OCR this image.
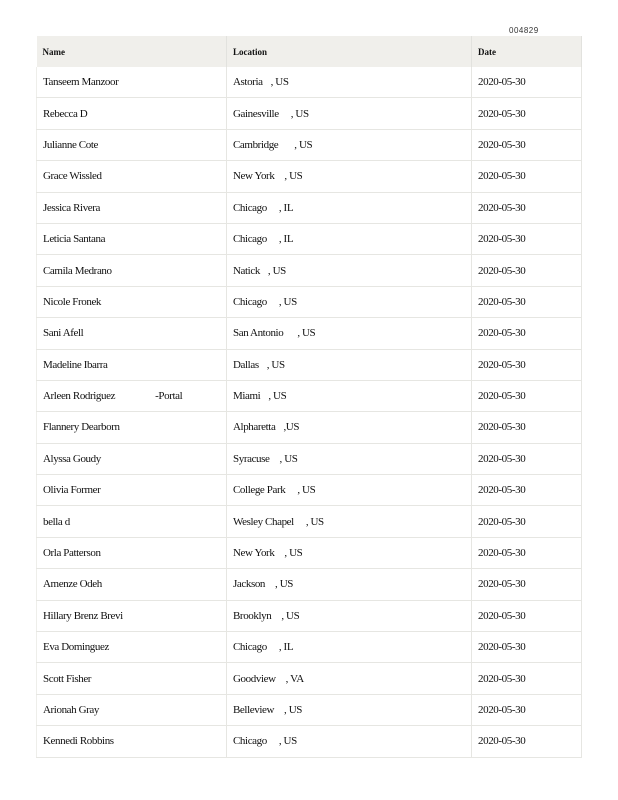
004829
Name	Location	Date
Tanseem Manzoor	Astoria , US	2020-05-30
Rebecca D	Gainesville , US	2020-05-30
Julianne Cote	Cambridge , US	2020-05-30
Grace Wissled	New York , US	2020-05-30
Jessica Rivera	Chicago , IL	2020-05-30
Leticia Santana	Chicago , IL	2020-05-30
Camila Medrano	Natick , US	2020-05-30
Nicole Fronek	Chicago , US	2020-05-30
Sani Afell	San Antonio , US	2020-05-30
Madeline Ibarra	Dallas , US	2020-05-30
Arleen Rodriguez -Portal	Miami , US	2020-05-30
Flannery Dearborn	Alpharetta ,US	2020-05-30
Alyssa Goudy	Syracuse , US	2020-05-30
Olivia Former	College Park , US	2020-05-30
bella d	Wesley Chapel , US	2020-05-30
Orla Patterson	New York , US	2020-05-30
Amenze Odeh	Jackson , US	2020-05-30
Hillary Brenz Brevi	Brooklyn , US	2020-05-30
Eva Dominguez	Chicago , IL	2020-05-30
Scott Fisher	Goodview , VA	2020-05-30
Arionah Gray	Belleview , US	2020-05-30
Kennedi Robbins	Chicago , US	2020-05-30
